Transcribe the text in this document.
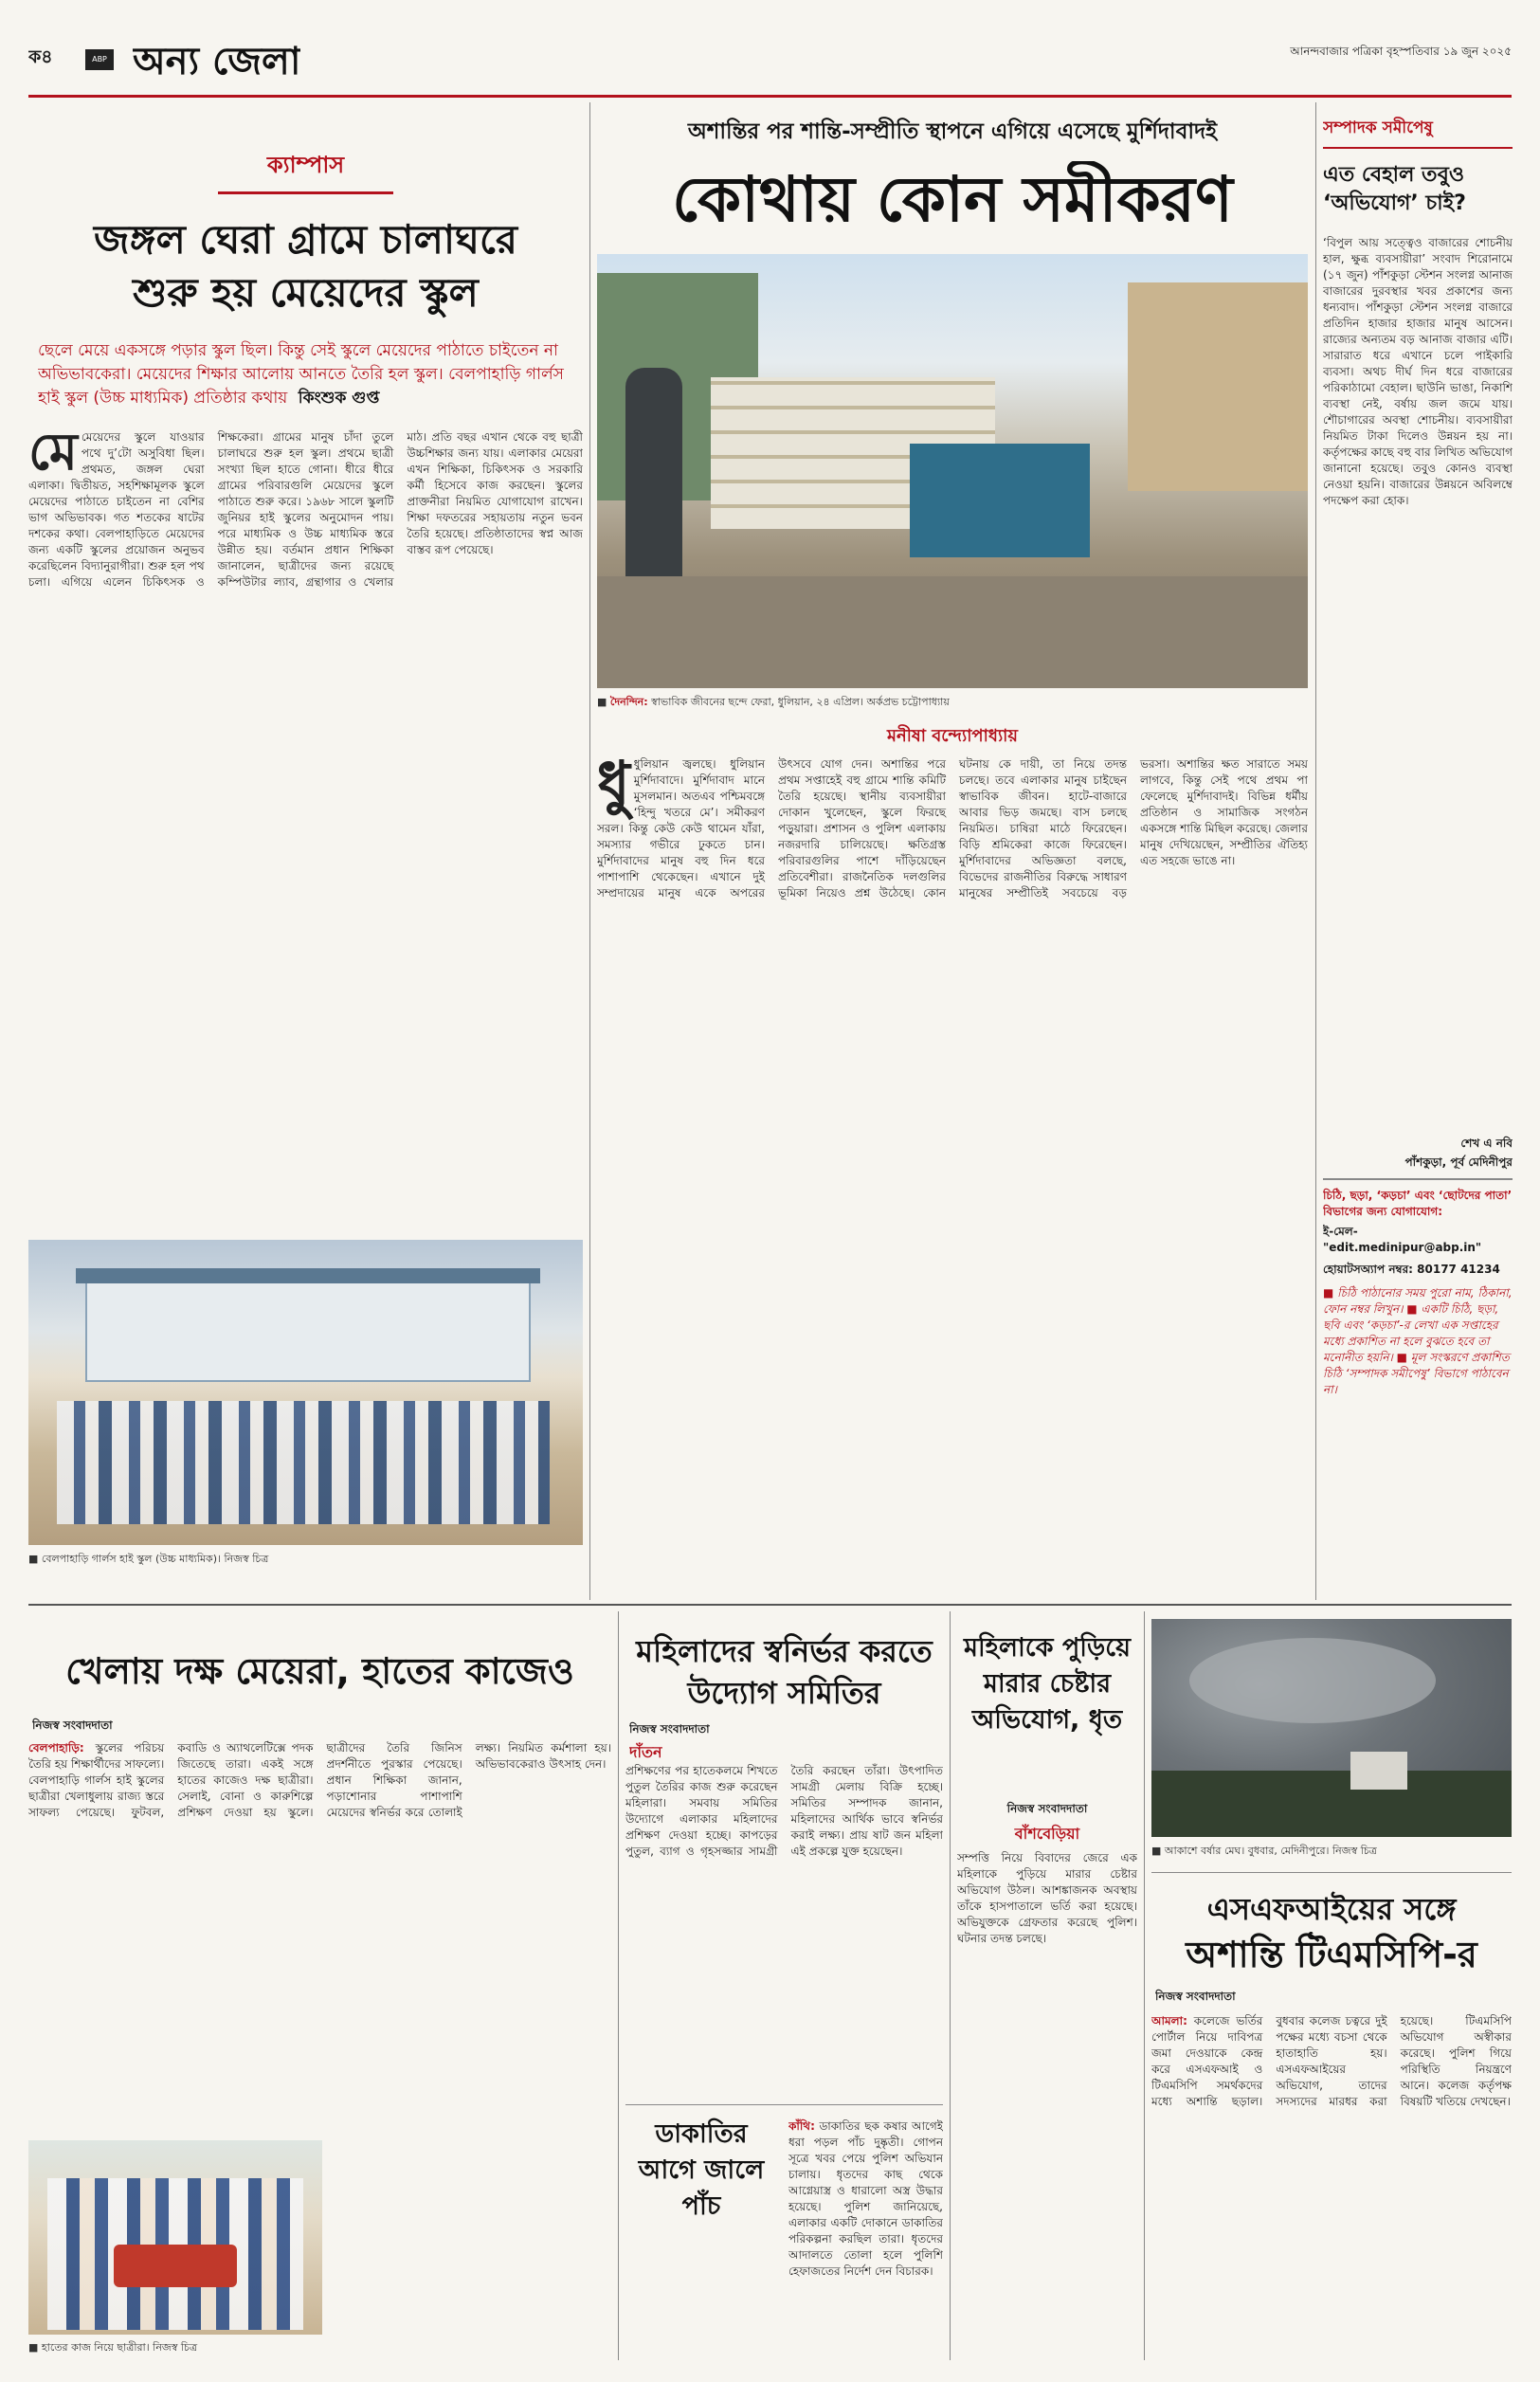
ক৪	ABP অন্য জেলা	আনন্দবাজার পত্রিকা বৃহস্পতিবার ১৯ জুন ২০২৫
ক্যাম্পাস
জঙ্গল ঘেরা গ্রামে চালাঘরে
শুরু হয় মেয়েদের স্কুল
ছেলে মেয়ে একসঙ্গে পড়ার স্কুল ছিল। কিন্তু সেই স্কুলে মেয়েদের পাঠাতে চাইতেন না অভিভাবকেরা। মেয়েদের শিক্ষার আলোয় আনতে তৈরি হল স্কুল। বেলপাহাড়ি গার্লস হাই স্কুল (উচ্চ মাধ্যমিক) প্রতিষ্ঠার কথায় কিংশুক গুপ্ত
মেমেয়েদের স্কুলে যাওয়ার পথে দু’টো অসুবিধা ছিল। প্রথমত, জঙ্গল ঘেরা এলাকা। দ্বিতীয়ত, সহশিক্ষামূলক স্কুলে মেয়েদের পাঠাতে চাইতেন না বেশির ভাগ অভিভাবক। গত শতকের ষাটের দশকের কথা। বেলপাহাড়িতে মেয়েদের জন্য একটি স্কুলের প্রয়োজন অনুভব করেছিলেন বিদ্যানুরাগীরা। শুরু হল পথ চলা। এগিয়ে এলেন চিকিৎসক ও শিক্ষকেরা। গ্রামের মানুষ চাঁদা তুলে চালাঘরে শুরু হল স্কুল। প্রথমে ছাত্রী সংখ্যা ছিল হাতে গোনা। ধীরে ধীরে গ্রামের পরিবারগুলি মেয়েদের স্কুলে পাঠাতে শুরু করে। ১৯৬৮ সালে স্কুলটি জুনিয়র হাই স্কুলের অনুমোদন পায়। পরে মাধ্যমিক ও উচ্চ মাধ্যমিক স্তরে উন্নীত হয়। বর্তমান প্রধান শিক্ষিকা জানালেন, ছাত্রীদের জন্য রয়েছে কম্পিউটার ল্যাব, গ্রন্থাগার ও খেলার মাঠ। প্রতি বছর এখান থেকে বহু ছাত্রী উচ্চশিক্ষার জন্য যায়। এলাকার মেয়েরা এখন শিক্ষিকা, চিকিৎসক ও সরকারি কর্মী হিসেবে কাজ করছেন। স্কুলের প্রাক্তনীরা নিয়মিত যোগাযোগ রাখেন। শিক্ষা দফতরের সহায়তায় নতুন ভবন তৈরি হয়েছে। প্রতিষ্ঠাতাদের স্বপ্ন আজ বাস্তব রূপ পেয়েছে।
■ বেলপাহাড়ি গার্লস হাই স্কুল (উচ্চ মাধ্যমিক)। নিজস্ব চিত্র
অশান্তির পর শান্তি-সম্প্রীতি স্থাপনে এগিয়ে এসেছে মুর্শিদাবাদই
কোথায় কোন সমীকরণ
■ দৈনন্দিন: স্বাভাবিক জীবনের ছন্দে ফেরা, ধুলিয়ান, ২৪ এপ্রিল। অর্কপ্রভ চট্টোপাধ্যায়
মনীষা বন্দ্যোপাধ্যায়
ধুধুলিয়ান জ্বলছে। ধুলিয়ান মুর্শিদাবাদে। মুর্শিদাবাদ মানে মুসলমান। অতএব পশ্চিমবঙ্গে ‘হিন্দু খতরে মে’। সমীকরণ সরল। কিন্তু কেউ কেউ থামেন যাঁরা, সমস্যার গভীরে ঢুকতে চান। মুর্শিদাবাদের মানুষ বহু দিন ধরে পাশাপাশি থেকেছেন। এখানে দুই সম্প্রদায়ের মানুষ একে অপরের উৎসবে যোগ দেন। অশান্তির পরে প্রথম সপ্তাহেই বহু গ্রামে শান্তি কমিটি তৈরি হয়েছে। স্থানীয় ব্যবসায়ীরা দোকান খুলেছেন, স্কুলে ফিরছে পড়ুয়ারা। প্রশাসন ও পুলিশ এলাকায় নজরদারি চালিয়েছে। ক্ষতিগ্রস্ত পরিবারগুলির পাশে দাঁড়িয়েছেন প্রতিবেশীরা। রাজনৈতিক দলগুলির ভূমিকা নিয়েও প্রশ্ন উঠেছে। কোন ঘটনায় কে দায়ী, তা নিয়ে তদন্ত চলছে। তবে এলাকার মানুষ চাইছেন স্বাভাবিক জীবন। হাটে-বাজারে আবার ভিড় জমছে। বাস চলছে নিয়মিত। চাষিরা মাঠে ফিরেছেন। বিড়ি শ্রমিকেরা কাজে ফিরেছেন। মুর্শিদাবাদের অভিজ্ঞতা বলছে, বিভেদের রাজনীতির বিরুদ্ধে সাধারণ মানুষের সম্প্রীতিই সবচেয়ে বড় ভরসা। অশান্তির ক্ষত সারাতে সময় লাগবে, কিন্তু সেই পথে প্রথম পা ফেলেছে মুর্শিদাবাদই। বিভিন্ন ধর্মীয় প্রতিষ্ঠান ও সামাজিক সংগঠন একসঙ্গে শান্তি মিছিল করেছে। জেলার মানুষ দেখিয়েছেন, সম্প্রীতির ঐতিহ্য এত সহজে ভাঙে না।
সম্পাদক সমীপেষু
এত বেহাল তবুও ‘অভিযোগ’ চাই?
‘বিপুল আয় সত্ত্বেও বাজারের শোচনীয় হাল, ক্ষুব্ধ ব্যবসায়ীরা’ সংবাদ শিরোনামে (১৭ জুন) পাঁশকুড়া স্টেশন সংলগ্ন আনাজ বাজারের দুরবস্থার খবর প্রকাশের জন্য ধন্যবাদ। পাঁশকুড়া স্টেশন সংলগ্ন বাজারে প্রতিদিন হাজার হাজার মানুষ আসেন। রাজ্যের অন্যতম বড় আনাজ বাজার এটি। সারারাত ধরে এখানে চলে পাইকারি ব্যবসা। অথচ দীর্ঘ দিন ধরে বাজারের পরিকাঠামো বেহাল। ছাউনি ভাঙা, নিকাশি ব্যবস্থা নেই, বর্ষায় জল জমে যায়। শৌচাগারের অবস্থা শোচনীয়। ব্যবসায়ীরা নিয়মিত টাকা দিলেও উন্নয়ন হয় না। কর্তৃপক্ষের কাছে বহু বার লিখিত অভিযোগ জানানো হয়েছে। তবুও কোনও ব্যবস্থা নেওয়া হয়নি। বাজারের উন্নয়নে অবিলম্বে পদক্ষেপ করা হোক।
শেখ এ নবি
পাঁশকুড়া, পূর্ব মেদিনীপুর
চিঠি, ছড়া, ‘কড়চা’ এবং ‘ছোটদের পাতা’ বিভাগের জন্য যোগাযোগ:
ই-মেল- "edit.medinipur@abp.in"
হোয়াটসঅ্যাপ নম্বর: 80177 41234
■ চিঠি পাঠানোর সময় পুরো নাম, ঠিকানা, ফোন নম্বর লিখুন। ■ একটি চিঠি, ছড়া, ছবি এবং ‘কড়চা’-র লেখা এক সপ্তাহের মধ্যে প্রকাশিত না হলে বুঝতে হবে তা মনোনীত হয়নি। ■ মূল সংস্করণে প্রকাশিত চিঠি ‘সম্পাদক সমীপেষু’ বিভাগে পাঠাবেন না।
খেলায় দক্ষ মেয়েরা, হাতের কাজেও
নিজস্ব সংবাদদাতা
বেলপাহাড়ি: স্কুলের পরিচয় তৈরি হয় শিক্ষার্থীদের সাফল্যে। বেলপাহাড়ি গার্লস হাই স্কুলের ছাত্রীরা খেলাধুলায় রাজ্য স্তরে সাফল্য পেয়েছে। ফুটবল, কবাডি ও অ্যাথলেটিক্সে পদক জিতেছে তারা। একই সঙ্গে হাতের কাজেও দক্ষ ছাত্রীরা। সেলাই, বোনা ও কারুশিল্পে প্রশিক্ষণ দেওয়া হয় স্কুলে। ছাত্রীদের তৈরি জিনিস প্রদর্শনীতে পুরস্কার পেয়েছে। প্রধান শিক্ষিকা জানান, পড়াশোনার পাশাপাশি মেয়েদের স্বনির্ভর করে তোলাই লক্ষ্য। নিয়মিত কর্মশালা হয়। অভিভাবকেরাও উৎসাহ দেন।
■ হাতের কাজ নিয়ে ছাত্রীরা। নিজস্ব চিত্র
মহিলাদের স্বনির্ভর করতে উদ্যোগ সমিতির
নিজস্ব সংবাদদাতা
দাঁতন
প্রশিক্ষণের পর হাতেকলমে শিখতে পুতুল তৈরির কাজ শুরু করেছেন মহিলারা। সমবায় সমিতির উদ্যোগে এলাকার মহিলাদের প্রশিক্ষণ দেওয়া হচ্ছে। কাপড়ের পুতুল, ব্যাগ ও গৃহসজ্জার সামগ্রী তৈরি করছেন তাঁরা। উৎপাদিত সামগ্রী মেলায় বিক্রি হচ্ছে। সমিতির সম্পাদক জানান, মহিলাদের আর্থিক ভাবে স্বনির্ভর করাই লক্ষ্য। প্রায় ষাট জন মহিলা এই প্রকল্পে যুক্ত হয়েছেন।
ডাকাতির আগে জালে পাঁচ
কাঁথি: ডাকাতির ছক কষার আগেই ধরা পড়ল পাঁচ দুষ্কৃতী। গোপন সূত্রে খবর পেয়ে পুলিশ অভিযান চালায়। ধৃতদের কাছ থেকে আগ্নেয়াস্ত্র ও ধারালো অস্ত্র উদ্ধার হয়েছে। পুলিশ জানিয়েছে, এলাকার একটি দোকানে ডাকাতির পরিকল্পনা করছিল তারা। ধৃতদের আদালতে তোলা হলে পুলিশি হেফাজতের নির্দেশ দেন বিচারক।
মহিলাকে পুড়িয়ে মারার চেষ্টার অভিযোগ, ধৃত
নিজস্ব সংবাদদাতা
বাঁশবেড়িয়া
সম্পত্তি নিয়ে বিবাদের জেরে এক মহিলাকে পুড়িয়ে মারার চেষ্টার অভিযোগ উঠল। আশঙ্কাজনক অবস্থায় তাঁকে হাসপাতালে ভর্তি করা হয়েছে। অভিযুক্তকে গ্রেফতার করেছে পুলিশ। ঘটনার তদন্ত চলছে।
■ আকাশে বর্ষার মেঘ। বুধবার, মেদিনীপুরে। নিজস্ব চিত্র
এসএফআইয়ের সঙ্গে
অশান্তি টিএমসিপি-র
নিজস্ব সংবাদদাতা
আমলা: কলেজে ভর্তির পোর্টাল নিয়ে দাবিপত্র জমা দেওয়াকে কেন্দ্র করে এসএফআই ও টিএমসিপি সমর্থকদের মধ্যে অশান্তি ছড়াল। বুধবার কলেজ চত্বরে দুই পক্ষের মধ্যে বচসা থেকে হাতাহাতি হয়। এসএফআইয়ের অভিযোগ, তাদের সদস্যদের মারধর করা হয়েছে। টিএমসিপি অভিযোগ অস্বীকার করেছে। পুলিশ গিয়ে পরিস্থিতি নিয়ন্ত্রণে আনে। কলেজ কর্তৃপক্ষ বিষয়টি খতিয়ে দেখছেন।
